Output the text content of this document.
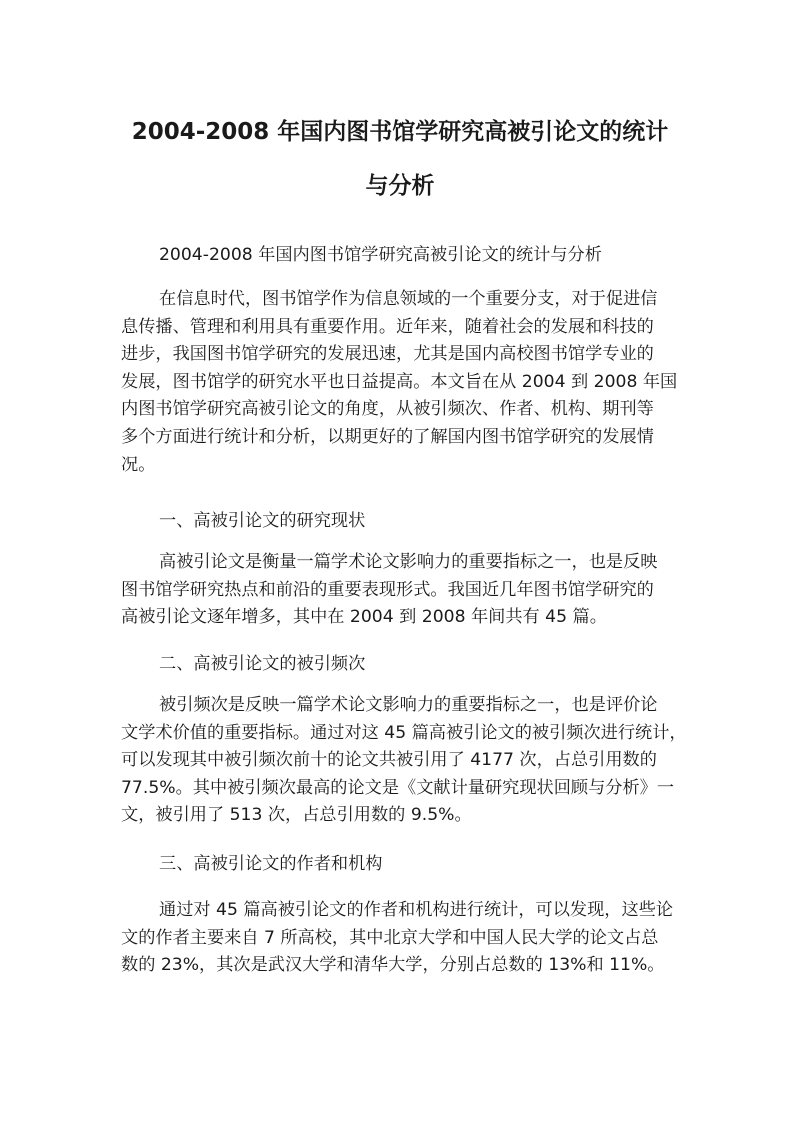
2004-2008 年国内图书馆学研究高被引论文的统计
与分析
2004-2008 年国内图书馆学研究高被引论文的统计与分析
在信息时代，图书馆学作为信息领域的一个重要分支，对于促进信
息传播、管理和利用具有重要作用。近年来，随着社会的发展和科技的
进步，我国图书馆学研究的发展迅速，尤其是国内高校图书馆学专业的
发展，图书馆学的研究水平也日益提高。本文旨在从 2004 到 2008 年国
内图书馆学研究高被引论文的角度，从被引频次、作者、机构、期刊等
多个方面进行统计和分析，以期更好的了解国内图书馆学研究的发展情
况。
一、高被引论文的研究现状
高被引论文是衡量一篇学术论文影响力的重要指标之一，也是反映
图书馆学研究热点和前沿的重要表现形式。我国近几年图书馆学研究的
高被引论文逐年增多，其中在 2004 到 2008 年间共有 45 篇。
二、高被引论文的被引频次
被引频次是反映一篇学术论文影响力的重要指标之一，也是评价论
文学术价值的重要指标。通过对这 45 篇高被引论文的被引频次进行统计，
可以发现其中被引频次前十的论文共被引用了 4177 次，占总引用数的
77.5%。其中被引频次最高的论文是《文献计量研究现状回顾与分析》一
文，被引用了 513 次，占总引用数的 9.5%。
三、高被引论文的作者和机构
通过对 45 篇高被引论文的作者和机构进行统计，可以发现，这些论
文的作者主要来自 7 所高校，其中北京大学和中国人民大学的论文占总
数的 23%，其次是武汉大学和清华大学，分别占总数的 13%和 11%。
